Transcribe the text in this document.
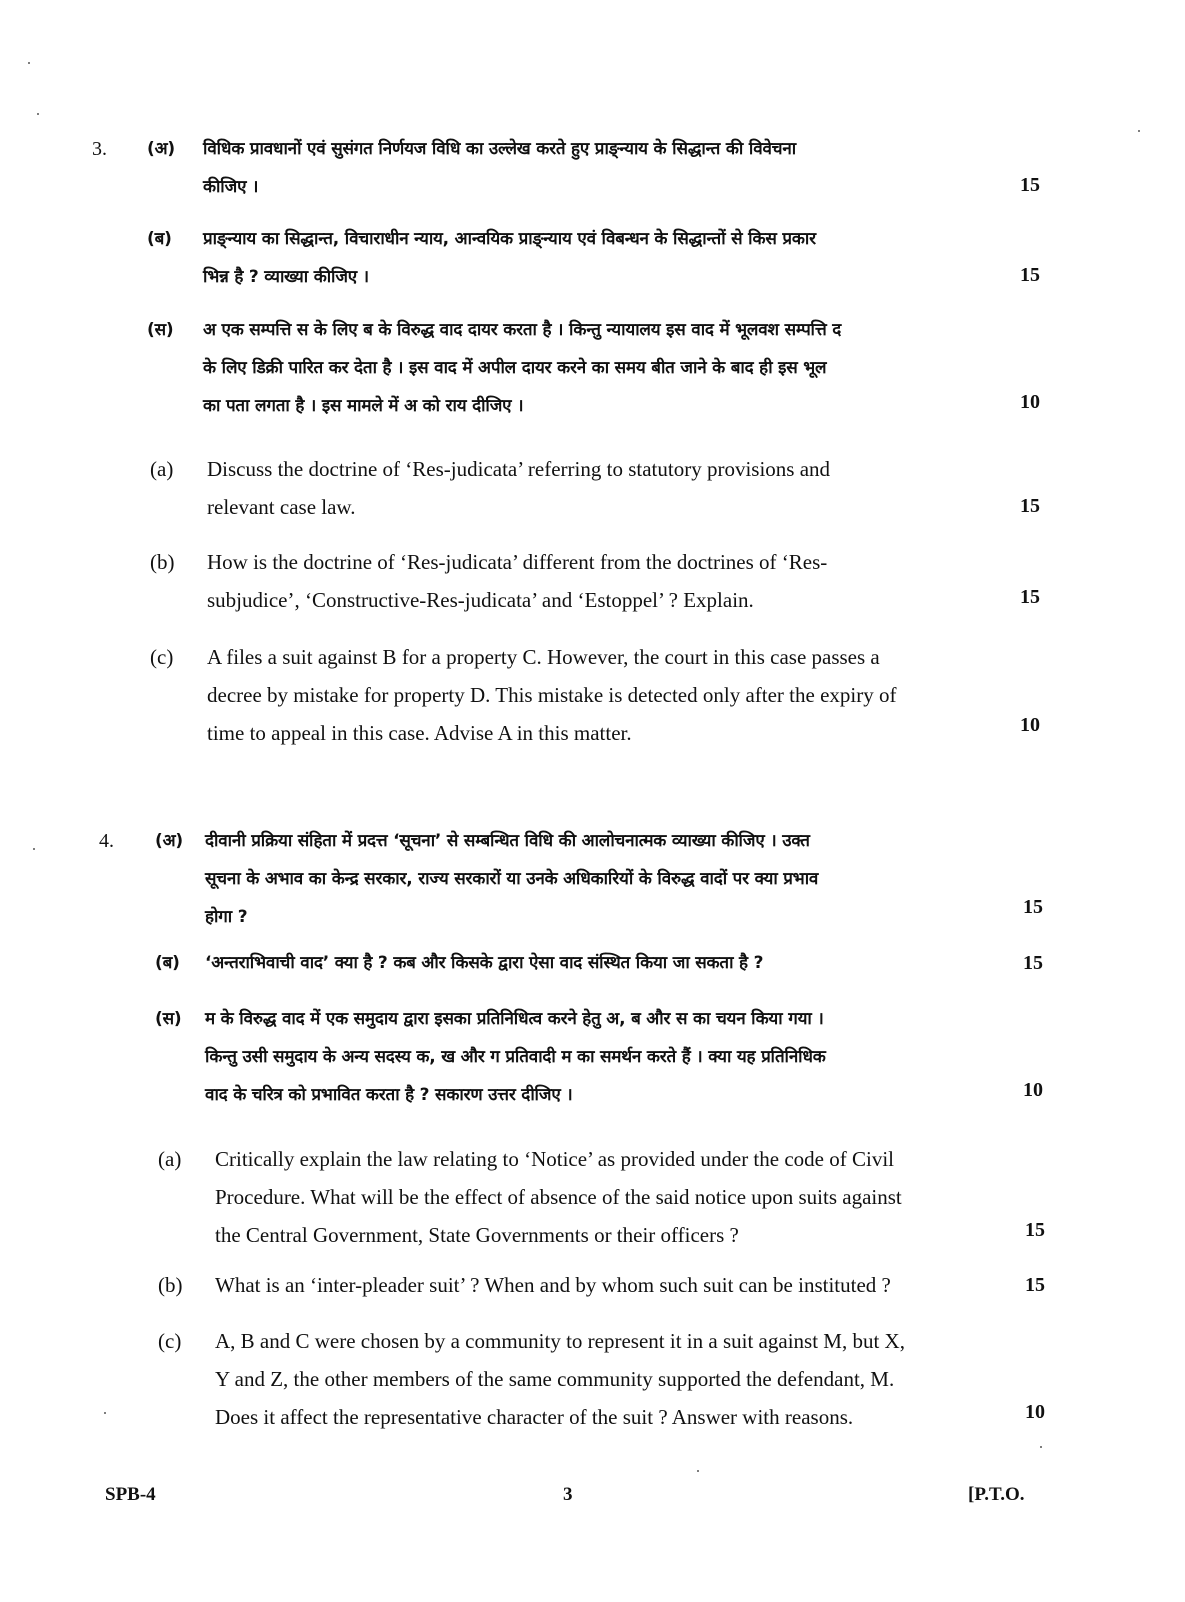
3. (अ) विधिक प्रावधानों एवं सुसंगत निर्णयज विधि का उल्लेख करते हुए प्राङ्न्याय के सिद्धान्त की विवेचना
कीजिए ।	15
(ब) प्राङ्न्याय का सिद्धान्त, विचाराधीन न्याय, आन्वयिक प्राङ्न्याय एवं विबन्धन के सिद्धान्तों से किस प्रकार
भिन्न है ? व्याख्या कीजिए ।	15
(स) अ एक सम्पत्ति स के लिए ब के विरुद्ध वाद दायर करता है । किन्तु न्यायालय इस वाद में भूलवश सम्पत्ति द
के लिए डिक्री पारित कर देता है । इस वाद में अपील दायर करने का समय बीत जाने के बाद ही इस भूल
का पता लगता है । इस मामले में अ को राय दीजिए ।	10
(a) Discuss the doctrine of ‘Res-judicata’ referring to statutory provisions and
relevant case law.	15
(b) How is the doctrine of ‘Res-judicata’ different from the doctrines of ‘Res-
subjudice’, ‘Constructive-Res-judicata’ and ‘Estoppel’ ? Explain.	15
(c) A files a suit against B for a property C. However, the court in this case passes a
decree by mistake for property D. This mistake is detected only after the expiry of
time to appeal in this case. Advise A in this matter.	10
4. (अ) दीवानी प्रक्रिया संहिता में प्रदत्त ‘सूचना’ से सम्बन्धित विधि की आलोचनात्मक व्याख्या कीजिए । उक्त
सूचना के अभाव का केन्द्र सरकार, राज्य सरकारों या उनके अधिकारियों के विरुद्ध वादों पर क्या प्रभाव
होगा ?	15
(ब) ‘अन्तराभिवाची वाद’ क्या है ? कब और किसके द्वारा ऐसा वाद संस्थित किया जा सकता है ?	15
(स) म के विरुद्ध वाद में एक समुदाय द्वारा इसका प्रतिनिधित्व करने हेतु अ, ब और स का चयन किया गया ।
किन्तु उसी समुदाय के अन्य सदस्य क, ख और ग प्रतिवादी म का समर्थन करते हैं । क्या यह प्रतिनिधिक
वाद के चरित्र को प्रभावित करता है ? सकारण उत्तर दीजिए ।	10
(a) Critically explain the law relating to ‘Notice’ as provided under the code of Civil
Procedure. What will be the effect of absence of the said notice upon suits against
the Central Government, State Governments or their officers ?	15
(b) What is an ‘inter-pleader suit’ ? When and by whom such suit can be instituted ?	15
(c) A, B and C were chosen by a community to represent it in a suit against M, but X,
Y and Z, the other members of the same community supported the defendant, M.
Does it affect the representative character of the suit ? Answer with reasons.	10
SPB-4	3	[P.T.O.
